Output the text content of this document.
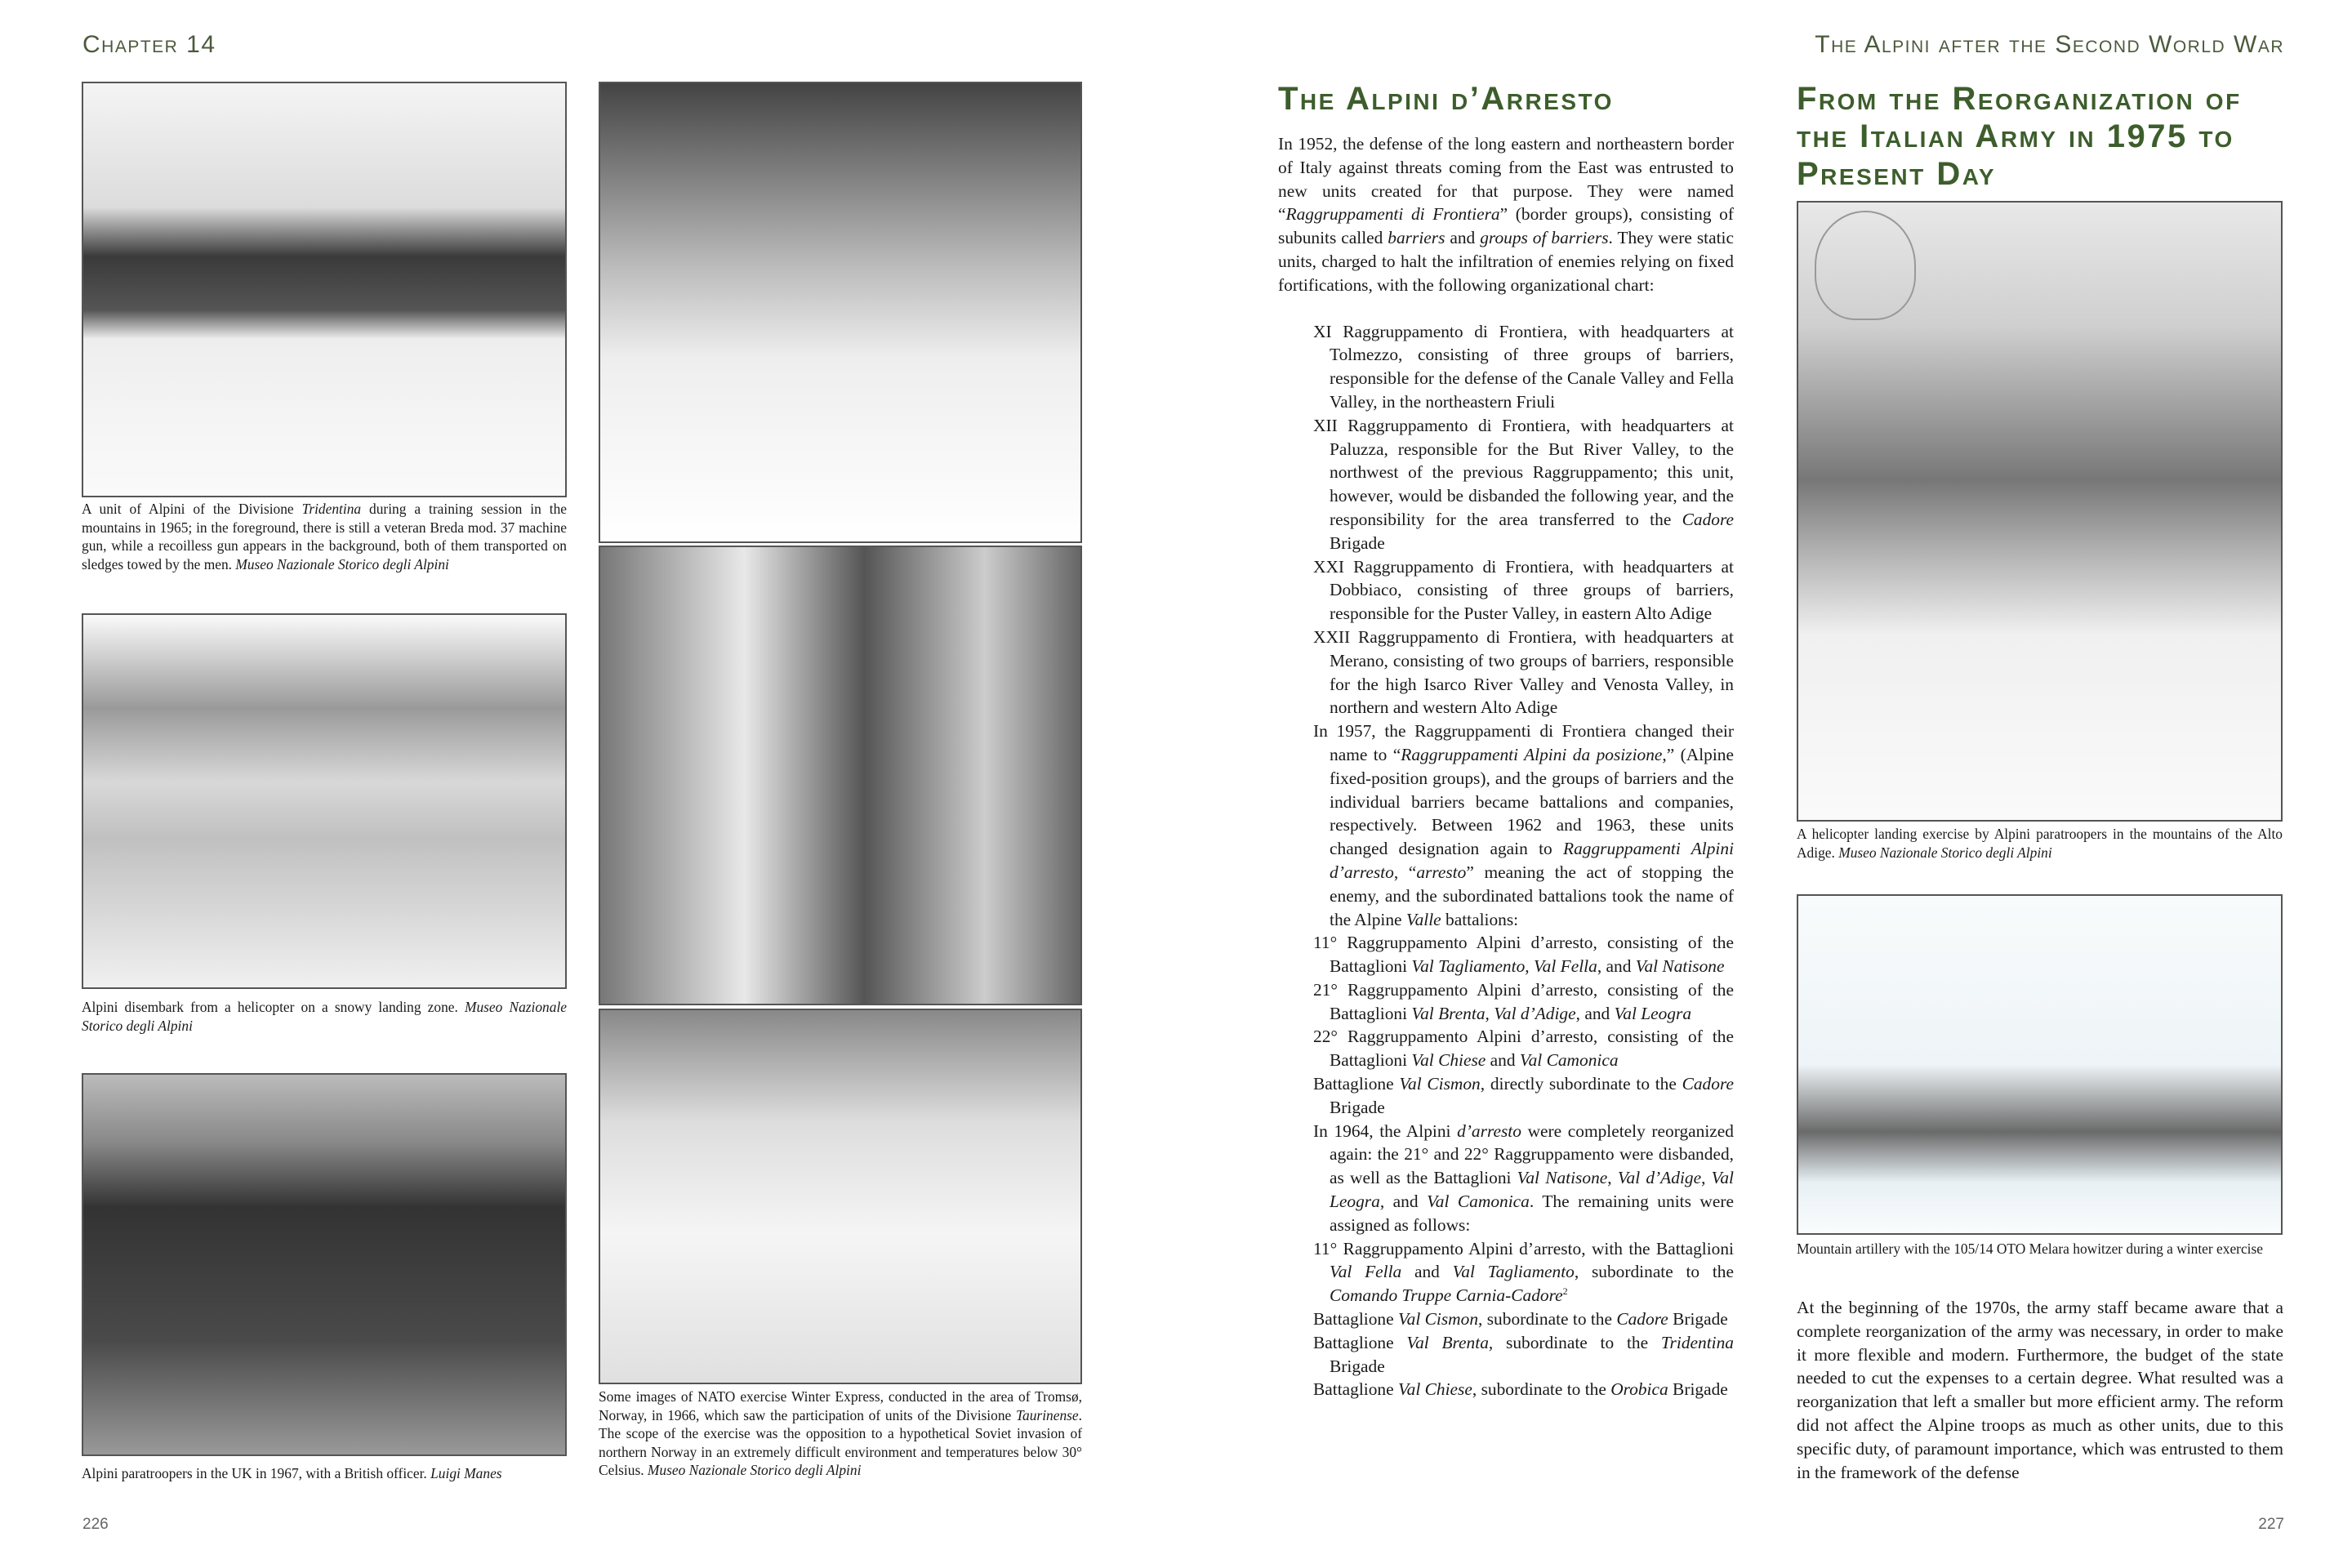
Chapter 14
A unit of Alpini of the Divisione Tridentina during a training session in the mountains in 1965; in the foreground, there is still a veteran Breda mod. 37 machine gun, while a recoilless gun appears in the background, both of them transported on sledges towed by the men. Museo Nazionale Storico degli Alpini
Alpini disembark from a helicopter on a snowy landing zone. Museo Nazionale Storico degli Alpini
Alpini paratroopers in the UK in 1967, with a British officer. Luigi Manes
Some images of NATO exercise Winter Express, conducted in the area of Tromsø, Norway, in 1966, which saw the participation of units of the Divisione Taurinense. The scope of the exercise was the opposition to a hypothetical Soviet invasion of northern Norway in an extremely difficult environment and temperatures below 30° Celsius. Museo Nazionale Storico degli Alpini
226
The Alpini after the Second World War
The Alpini d’Arresto

In 1952, the defense of the long eastern and northeastern border of Italy against threats coming from the East was entrusted to new units created for that purpose. They were named “Raggruppamenti di Frontiera” (border groups), consisting of subunits called barriers and groups of barriers. They were static units, charged to halt the infiltration of enemies relying on fixed fortifications, with the following organizational chart:

XI Raggruppamento di Frontiera, with headquarters at Tolmezzo, consisting of three groups of barriers, responsible for the defense of the Canale Valley and Fella Valley, in the northeastern Friuli
XII Raggruppamento di Frontiera, with headquarters at Paluzza, responsible for the But River Valley, to the northwest of the previous Raggruppamento; this unit, however, would be disbanded the following year, and the responsibility for the area transferred to the Cadore Brigade
XXI Raggruppamento di Frontiera, with headquarters at Dobbiaco, consisting of three groups of barriers, responsible for the Puster Valley, in eastern Alto Adige
XXII Raggruppamento di Frontiera, with headquarters at Merano, consisting of two groups of barriers, responsible for the high Isarco River Valley and Venosta Valley, in northern and western Alto Adige
In 1957, the Raggruppamenti di Frontiera changed their name to “Raggruppamenti Alpini da posizione,” (Alpine fixed-position groups), and the groups of barriers and the individual barriers became battalions and companies, respectively. Between 1962 and 1963, these units changed designation again to Raggruppamenti Alpini d’arresto, “arresto” meaning the act of stopping the enemy, and the subordinated battalions took the name of the Alpine Valle battalions:
11° Raggruppamento Alpini d’arresto, consisting of the Battaglioni Val Tagliamento, Val Fella, and Val Natisone
21° Raggruppamento Alpini d’arresto, consisting of the Battaglioni Val Brenta, Val d’Adige, and Val Leogra
22° Raggruppamento Alpini d’arresto, consisting of the Battaglioni Val Chiese and Val Camonica
Battaglione Val Cismon, directly subordinate to the Cadore Brigade
In 1964, the Alpini d’arresto were completely reorganized again: the 21° and 22° Raggruppamento were disbanded, as well as the Battaglioni Val Natisone, Val d’Adige, Val Leogra, and Val Camonica. The remaining units were assigned as follows:
11° Raggruppamento Alpini d’arresto, with the Battaglioni Val Fella and Val Tagliamento, subordinate to the Comando Truppe Carnia-Cadore$^2$
Battaglione Val Cismon, subordinate to the Cadore Brigade
Battaglione Val Brenta, subordinate to the Tridentina Brigade
Battaglione Val Chiese, subordinate to the Orobica Brigade
From the Reorganization of the Italian Army in 1975 to Present Day
A helicopter landing exercise by Alpini paratroopers in the mountains of the Alto Adige. Museo Nazionale Storico degli Alpini
Mountain artillery with the 105/14 OTO Melara howitzer during a winter exercise

At the beginning of the 1970s, the army staff became aware that a complete reorganization of the army was necessary, in order to make it more flexible and modern. Furthermore, the budget of the state needed to cut the expenses to a certain degree. What resulted was a reorganization that left a smaller but more efficient army. The reform did not affect the Alpine troops as much as other units, due to this specific duty, of paramount importance, which was entrusted to them in the framework of the defense

227
